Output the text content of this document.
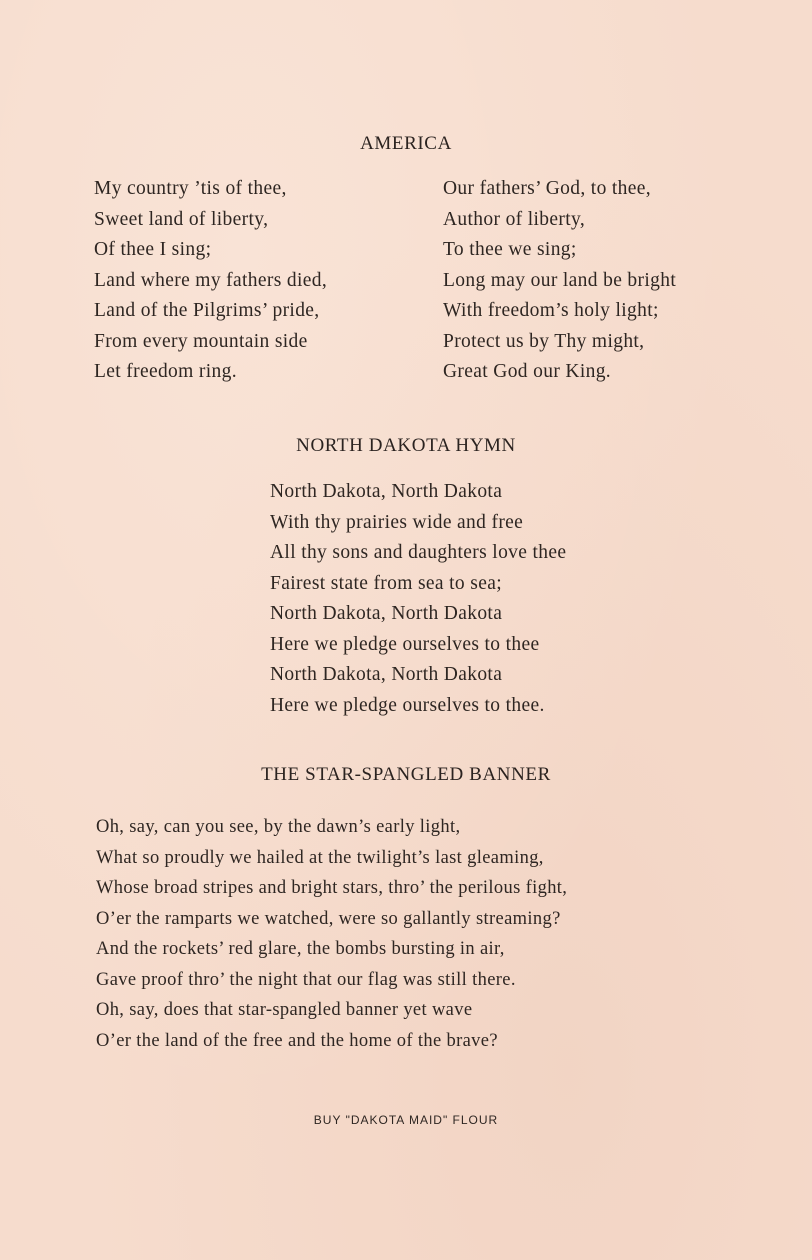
AMERICA
My country ’tis of thee,
Sweet land of liberty,
Of thee I sing;
Land where my fathers died,
Land of the Pilgrims’ pride,
From every mountain side
Let freedom ring.
Our fathers’ God, to thee,
Author of liberty,
To thee we sing;
Long may our land be bright
With freedom’s holy light;
Protect us by Thy might,
Great God our King.
NORTH DAKOTA HYMN
North Dakota, North Dakota
With thy prairies wide and free
All thy sons and daughters love thee
Fairest state from sea to sea;
North Dakota, North Dakota
Here we pledge ourselves to thee
North Dakota, North Dakota
Here we pledge ourselves to thee.
THE STAR-SPANGLED BANNER
Oh, say, can you see, by the dawn’s early light,
What so proudly we hailed at the twilight’s last gleaming,
Whose broad stripes and bright stars, thro’ the perilous fight,
O’er the ramparts we watched, were so gallantly streaming?
And the rockets’ red glare, the bombs bursting in air,
Gave proof thro’ the night that our flag was still there.
Oh, say, does that star-spangled banner yet wave
O’er the land of the free and the home of the brave?
BUY "DAKOTA MAID" FLOUR
